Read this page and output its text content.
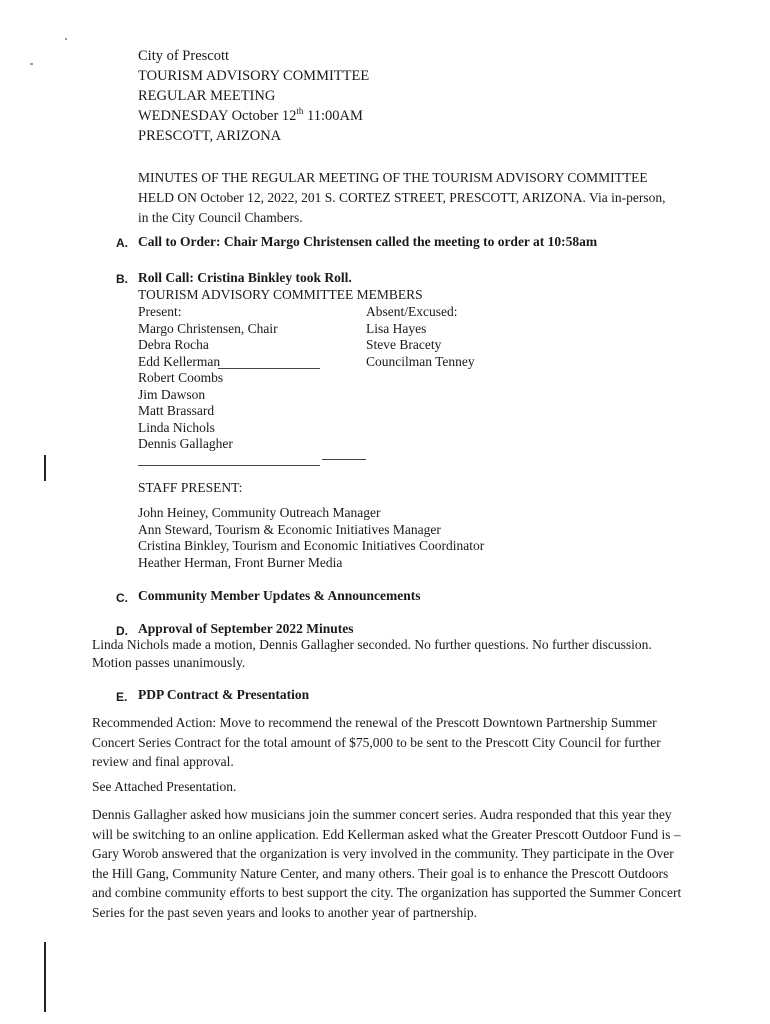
City of Prescott
TOURISM ADVISORY COMMITTEE
REGULAR MEETING
WEDNESDAY October 12th 11:00AM
PRESCOTT, ARIZONA
MINUTES OF THE REGULAR MEETING OF THE TOURISM ADVISORY COMMITTEE HELD ON October 12, 2022, 201 S. CORTEZ STREET, PRESCOTT, ARIZONA. Via in-person, in the City Council Chambers.
A. Call to Order: Chair Margo Christensen called the meeting to order at 10:58am
B. Roll Call: Cristina Binkley took Roll.
TOURISM ADVISORY COMMITTEE MEMBERS
Present:
Margo Christensen, Chair
Debra Rocha
Edd Kellerman
Robert Coombs
Jim Dawson
Matt Brassard
Linda Nichols
Dennis Gallagher
Absent/Excused:
Lisa Hayes
Steve Bracety
Councilman Tenney
STAFF PRESENT:
John Heiney, Community Outreach Manager
Ann Steward, Tourism & Economic Initiatives Manager
Cristina Binkley, Tourism and Economic Initiatives Coordinator
Heather Herman, Front Burner Media
C. Community Member Updates & Announcements
D. Approval of September 2022 Minutes
Linda Nichols made a motion, Dennis Gallagher seconded. No further questions. No further discussion. Motion passes unanimously.
E. PDP Contract & Presentation
Recommended Action: Move to recommend the renewal of the Prescott Downtown Partnership Summer Concert Series Contract for the total amount of $75,000 to be sent to the Prescott City Council for further review and final approval.
See Attached Presentation.
Dennis Gallagher asked how musicians join the summer concert series. Audra responded that this year they will be switching to an online application. Edd Kellerman asked what the Greater Prescott Outdoor Fund is – Gary Worob answered that the organization is very involved in the community. They participate in the Over the Hill Gang, Community Nature Center, and many others. Their goal is to enhance the Prescott Outdoors and combine community efforts to best support the city. The organization has supported the Summer Concert Series for the past seven years and looks to another year of partnership.
